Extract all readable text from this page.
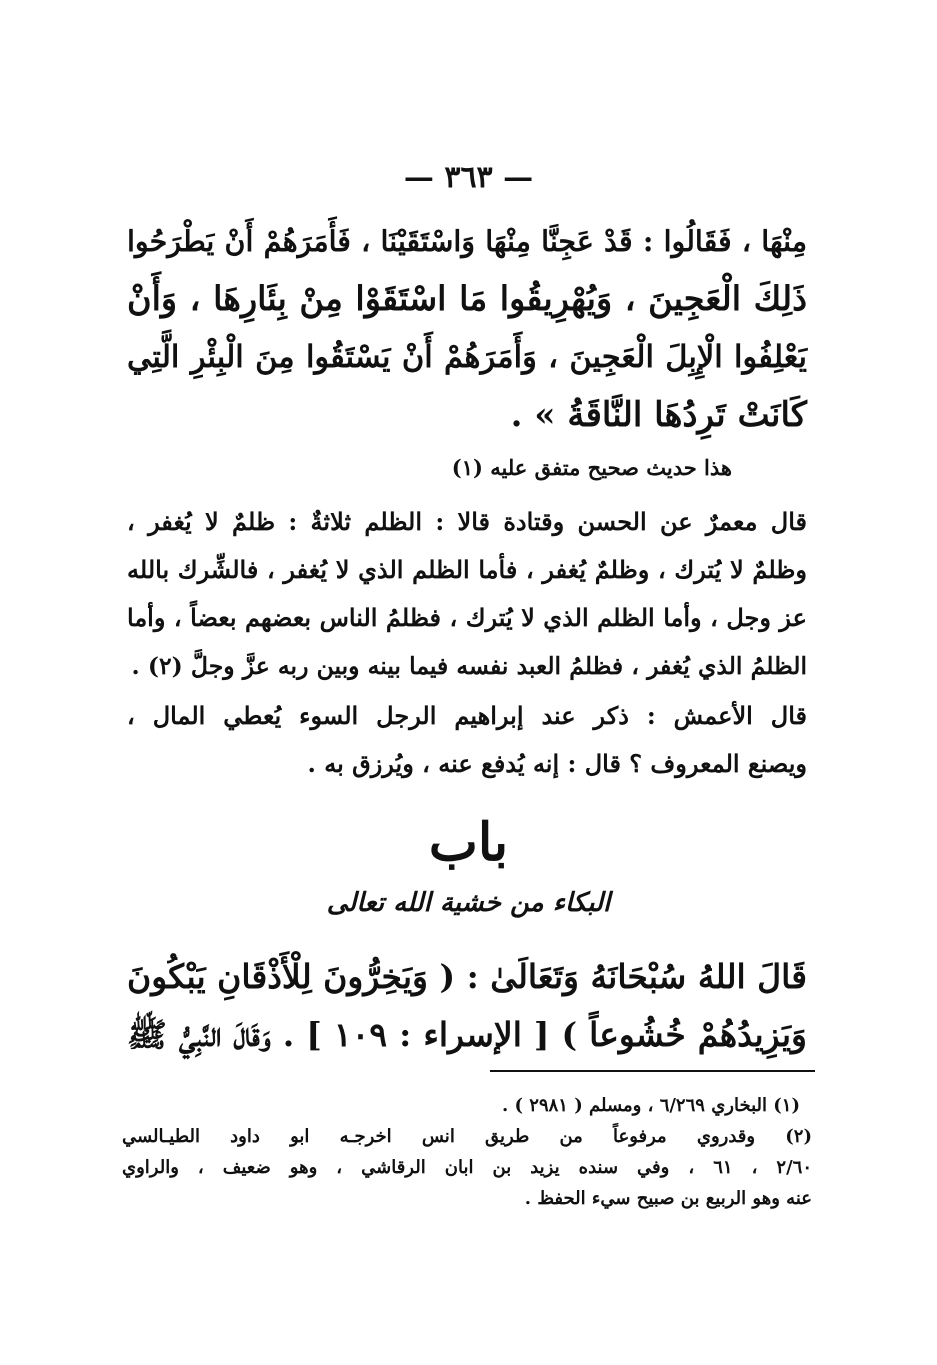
— ٣٦٣ —
مِنْهَا ، فَقَالُوا : قَدْ عَجِنَّا مِنْهَا وَاسْتَقَيْنَا ، فَأَمَرَهُمْ أَنْ يَطْرَحُوا
ذَلِكَ الْعَجِينَ ، وَيُهْرِيقُوا مَا اسْتَقَوْا مِنْ بِئَارِهَا ، وَأَنْ
يَعْلِفُوا الْإِبِلَ الْعَجِينَ ، وَأَمَرَهُمْ أَنْ يَسْتَقُوا مِنَ الْبِئْرِ الَّتِي
كَانَتْ تَرِدُهَا النَّاقَةُ » .
هذا حديث صحيح متفق عليه (١)
قال معمرٌ عن الحسن وقتادة قالا : الظلم ثلاثةٌ : ظلمٌ لا يُغفر ،
وظلمٌ لا يُترك ، وظلمٌ يُغفر ، فأما الظلم الذي لا يُغفر ، فالشِّرك بالله
عز وجل ، وأما الظلم الذي لا يُترك ، فظلمُ الناس بعضهم بعضاً ، وأما
الظلمُ الذي يُغفر ، فظلمُ العبد نفسه فيما بينه وبين ربه عزَّ وجلَّ (٢) .
قال الأعمش : ذكر عند إبراهيم الرجل السوء يُعطي المال ،
ويصنع المعروف ؟ قال : إنه يُدفع عنه ، ويُرزق به .
باب
البكاء من خشية الله تعالى
قَالَ اللهُ سُبْحَانَهُ وَتَعَالَىٰ : ( وَيَخِرُّونَ لِلْأَذْقَانِ يَبْكُونَ
وَيَزِيدُهُمْ خُشُوعاً ) [ الإسراء : ١٠٩ ] . وَقَالَ النَّبِيُّ ﷺ
(١) البخاري ٦/٢٦٩ ، ومسلم ( ٢٩٨١ ) .
(٢) وقدروي مرفوعاً من طريق انس اخرجـه ابو داود الطيـالسي
٢/٦٠ ، ٦١ ، وفي سنده يزيد بن ابان الرقاشي ، وهو ضعيف ، والراوي
عنه وهو الربيع بن صبيح سيء الحفظ .
